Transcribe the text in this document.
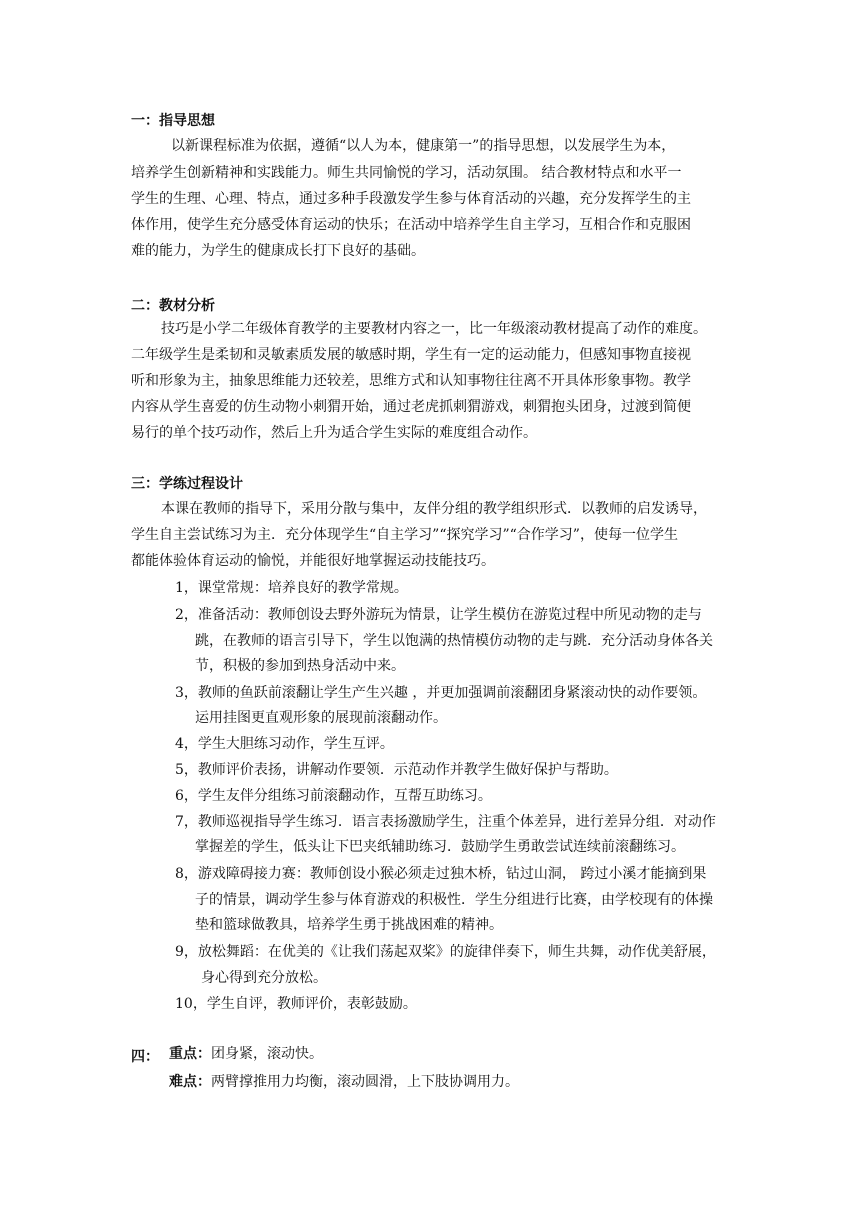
一：指导思想
以新课程标准为依据，遵循“以人为本，健康第一”的指导思想，以发展学生为本，
培养学生创新精神和实践能力。师生共同愉悦的学习，活动氛围。 结合教材特点和水平一
学生的生理、心理、特点，通过多种手段激发学生参与体育活动的兴趣，充分发挥学生的主
体作用，使学生充分感受体育运动的快乐；在活动中培养学生自主学习，互相合作和克服困
难的能力，为学生的健康成长打下良好的基础。
二：教材分析
技巧是小学二年级体育教学的主要教材内容之一，比一年级滚动教材提高了动作的难度。
二年级学生是柔韧和灵敏素质发展的敏感时期，学生有一定的运动能力，但感知事物直接视
听和形象为主，抽象思维能力还较差，思维方式和认知事物往往离不开具体形象事物。教学
内容从学生喜爱的仿生动物小刺猬开始，通过老虎抓刺猬游戏，刺猬抱头团身，过渡到简便
易行的单个技巧动作，然后上升为适合学生实际的难度组合动作。
三：学练过程设计
本课在教师的指导下，采用分散与集中，友伴分组的教学组织形式．以教师的启发诱导，
学生自主尝试练习为主．充分体现学生“自主学习”“探究学习”“合作学习”，使每一位学生
都能体验体育运动的愉悦，并能很好地掌握运动技能技巧。
1，课堂常规：培养良好的教学常规。
2，准备活动：教师创设去野外游玩为情景，让学生模仿在游览过程中所见动物的走与
跳，在教师的语言引导下，学生以饱满的热情模仿动物的走与跳．充分活动身体各关
节，积极的参加到热身活动中来。
3，教师的鱼跃前滚翻让学生产生兴趣 ，并更加强调前滚翻团身紧滚动快的动作要领。
运用挂图更直观形象的展现前滚翻动作。
4，学生大胆练习动作，学生互评。
5，教师评价表扬，讲解动作要领．示范动作并教学生做好保护与帮助。
6，学生友伴分组练习前滚翻动作，互帮互助练习。
7，教师巡视指导学生练习．语言表扬激励学生，注重个体差异，进行差异分组．对动作
掌握差的学生，低头让下巴夹纸辅助练习．鼓励学生勇敢尝试连续前滚翻练习。
8，游戏障碍接力赛：教师创设小猴必须走过独木桥，钻过山洞， 跨过小溪才能摘到果
子的情景，调动学生参与体育游戏的积极性．学生分组进行比赛，由学校现有的体操
垫和篮球做教具，培养学生勇于挑战困难的精神。
9，放松舞蹈：在优美的《让我们荡起双桨》的旋律伴奏下，师生共舞，动作优美舒展，
身心得到充分放松。
10，学生自评，教师评价，表彰鼓励。
四： 重点：团身紧，滚动快。
难点：两臂撑推用力均衡，滚动圆滑，上下肢协调用力。
